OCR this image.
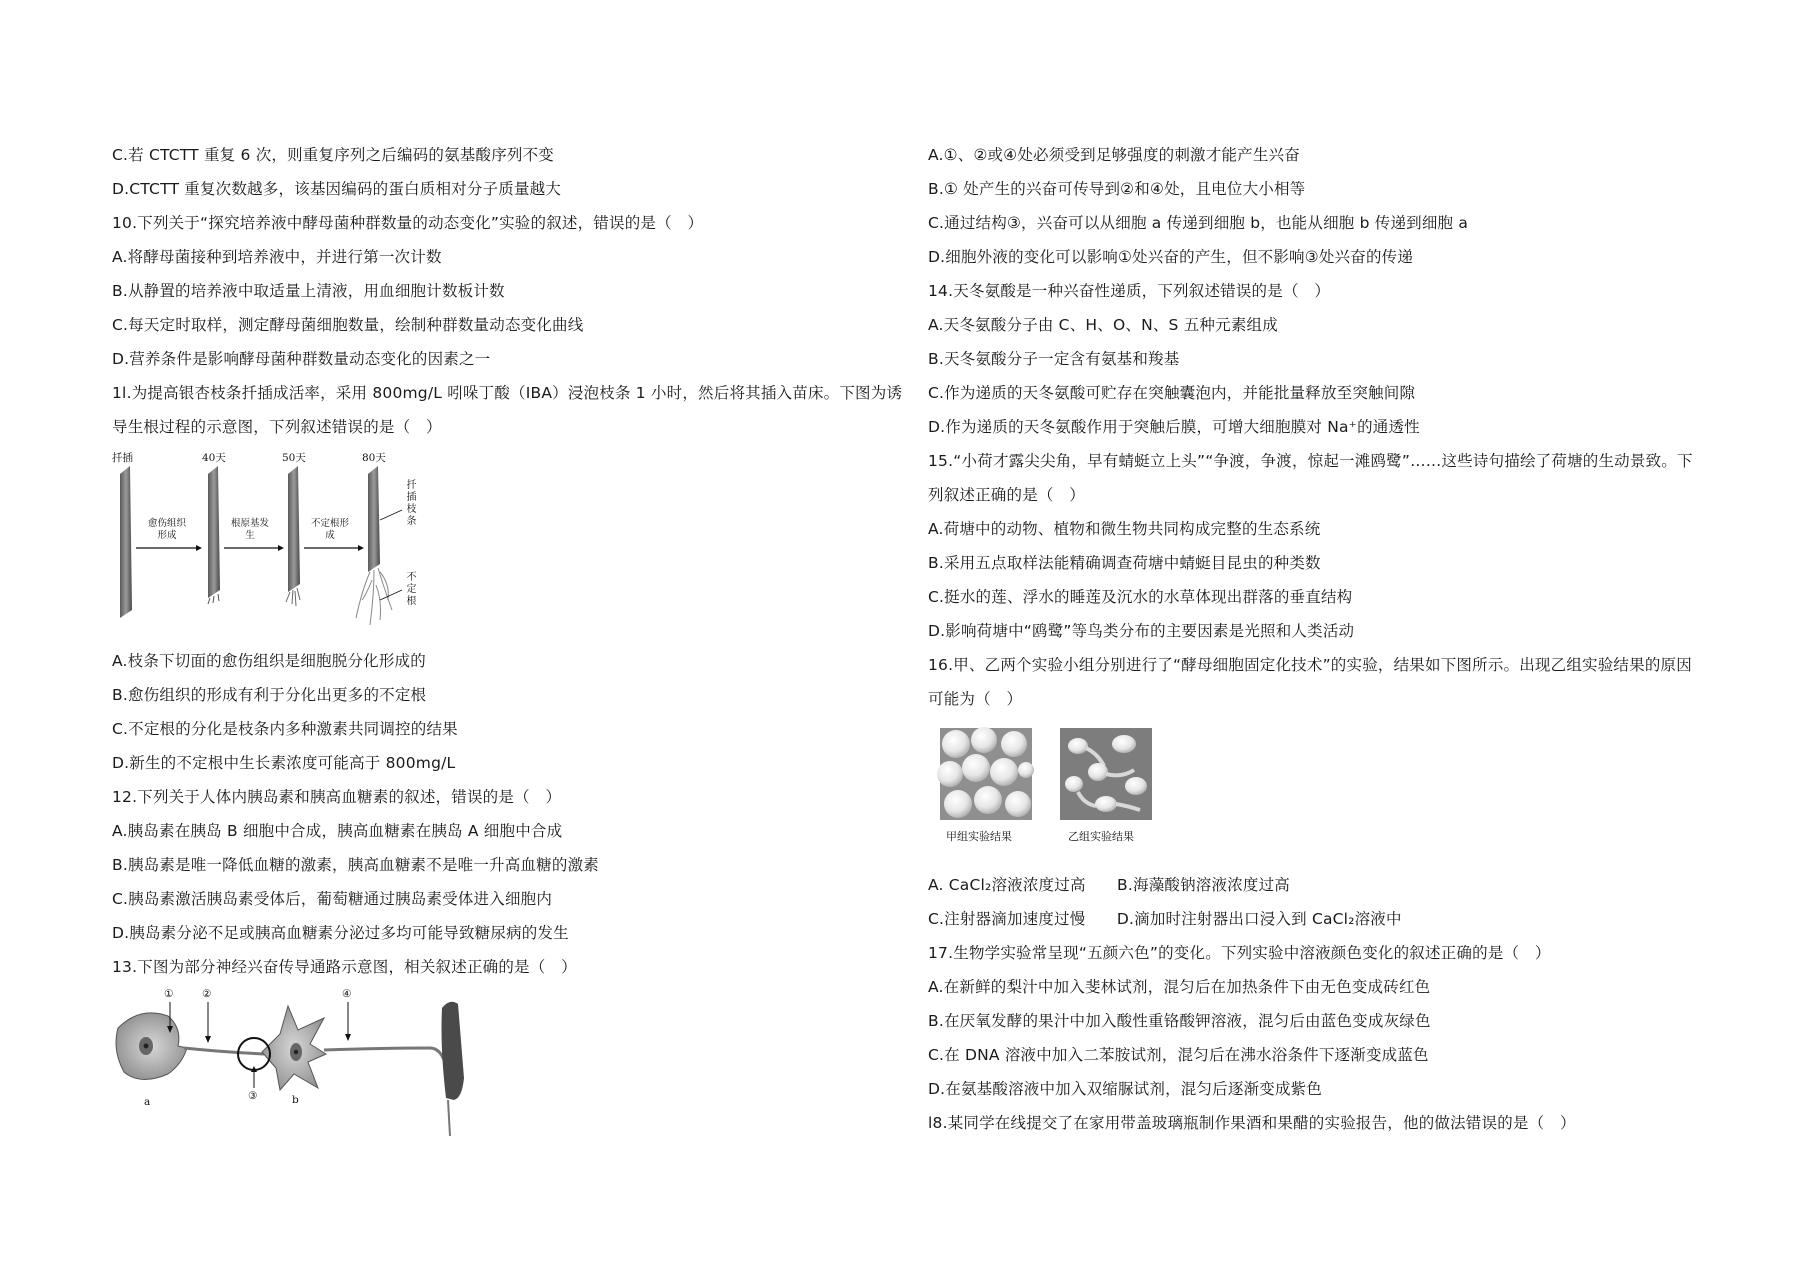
C.若 CTCTT 重复 6 次，则重复序列之后编码的氨基酸序列不变
D.CTCTT 重复次数越多，该基因编码的蛋白质相对分子质量越大
10.下列关于“探究培养液中酵母菌种群数量的动态变化”实验的叙述，错误的是（　）
A.将酵母菌接种到培养液中，并进行第一次计数
B.从静置的培养液中取适量上清液，用血细胞计数板计数
C.每天定时取样，测定酵母菌细胞数量，绘制种群数量动态变化曲线
D.营养条件是影响酵母菌种群数量动态变化的因素之一
1l.为提高银杏枝条扦插成活率，采用 800mg/L 吲哚丁酸（IBA）浸泡枝条 1 小时，然后将其插入苗床。下图为诱
导生根过程的示意图，下列叙述错误的是（　）
扦插	40天	50天	80天
愈伤组织形成
根原基发生
不定根形成
扦插枝条
不定根
A.枝条下切面的愈伤组织是细胞脱分化形成的
B.愈伤组织的形成有利于分化出更多的不定根
C.不定根的分化是枝条内多种激素共同调控的结果
D.新生的不定根中生长素浓度可能高于 800mg/L
12.下列关于人体内胰岛素和胰高血糖素的叙述，错误的是（　）
A.胰岛素在胰岛 B 细胞中合成，胰高血糖素在胰岛 A 细胞中合成
B.胰岛素是唯一降低血糖的激素，胰高血糖素不是唯一升高血糖的激素
C.胰岛素激活胰岛素受体后，葡萄糖通过胰岛素受体进入细胞内
D.胰岛素分泌不足或胰高血糖素分泌过多均可能导致糖尿病的发生
13.下图为部分神经兴奋传导通路示意图，相关叙述正确的是（　）
①	②
③
④
a	b
A.①、②或④处必须受到足够强度的刺激才能产生兴奋
B.① 处产生的兴奋可传导到②和④处，且电位大小相等
C.通过结构③，兴奋可以从细胞 a 传递到细胞 b，也能从细胞 b 传递到细胞 a
D.细胞外液的变化可以影响①处兴奋的产生，但不影响③处兴奋的传递
14.天冬氨酸是一种兴奋性递质，下列叙述错误的是（　）
A.天冬氨酸分子由 C、H、O、N、S 五种元素组成
B.天冬氨酸分子一定含有氨基和羧基
C.作为递质的天冬氨酸可贮存在突触囊泡内，并能批量释放至突触间隙
D.作为递质的天冬氨酸作用于突触后膜，可增大细胞膜对 Na⁺的通透性
15.“小荷才露尖尖角，早有蜻蜓立上头”“争渡，争渡，惊起一滩鸥鹭”……这些诗句描绘了荷塘的生动景致。下
列叙述正确的是（　）
A.荷塘中的动物、植物和微生物共同构成完整的生态系统
B.采用五点取样法能精确调查荷塘中蜻蜓目昆虫的种类数
C.挺水的莲、浮水的睡莲及沉水的水草体现出群落的垂直结构
D.影响荷塘中“鸥鹭”等鸟类分布的主要因素是光照和人类活动
16.甲、乙两个实验小组分别进行了“酵母细胞固定化技术”的实验，结果如下图所示。出现乙组实验结果的原因
可能为（　）
甲组实验结果	乙组实验结果
A. CaCl₂溶液浓度过高　　B.海藻酸钠溶液浓度过高
C.注射器滴加速度过慢　　D.滴加时注射器出口浸入到 CaCl₂溶液中
17.生物学实验常呈现“五颜六色”的变化。下列实验中溶液颜色变化的叙述正确的是（　）
A.在新鲜的梨汁中加入斐林试剂，混匀后在加热条件下由无色变成砖红色
B.在厌氧发酵的果汁中加入酸性重铬酸钾溶液，混匀后由蓝色变成灰绿色
C.在 DNA 溶液中加入二苯胺试剂，混匀后在沸水浴条件下逐渐变成蓝色
D.在氨基酸溶液中加入双缩脲试剂，混匀后逐渐变成紫色
l8.某同学在线提交了在家用带盖玻璃瓶制作果酒和果醋的实验报告，他的做法错误的是（　）
